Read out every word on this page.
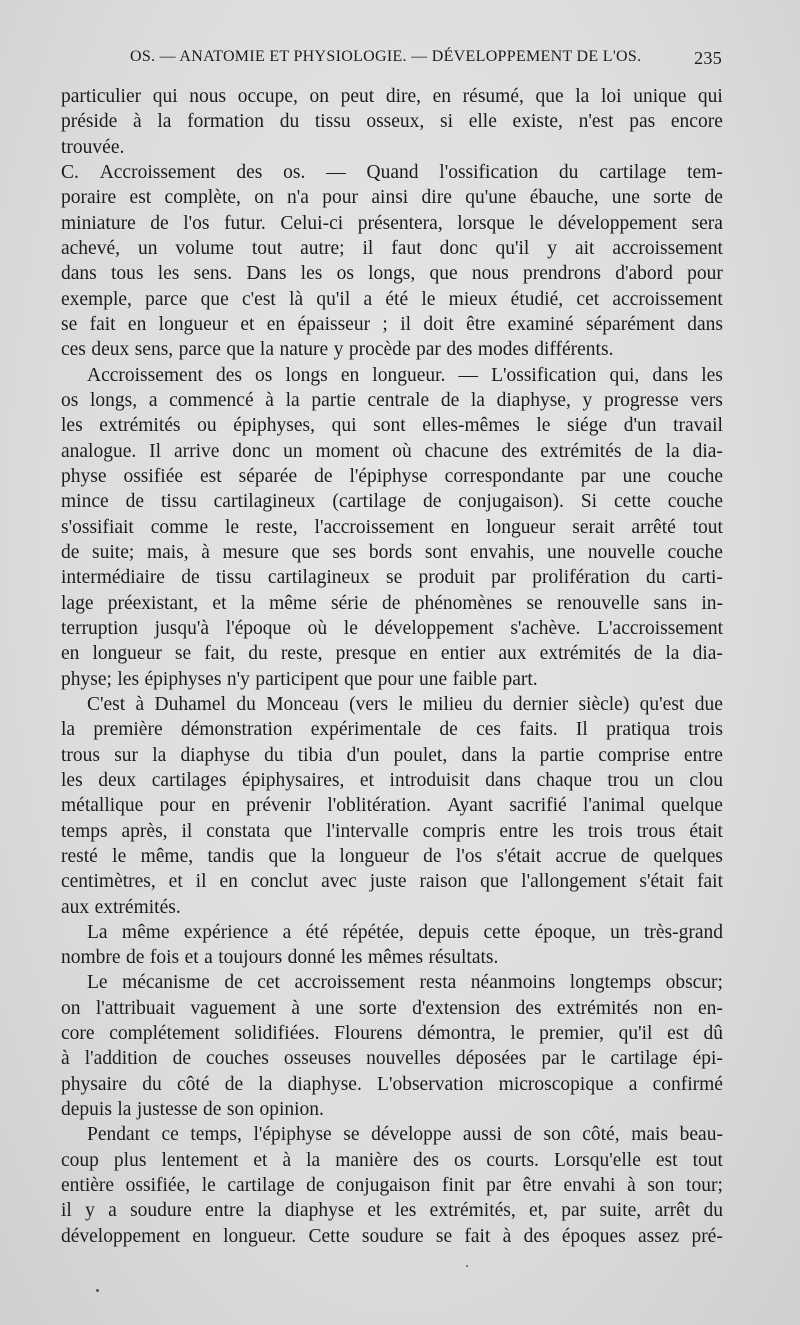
OS. — ANATOMIE ET PHYSIOLOGIE. — DÉVELOPPEMENT DE L'OS.	235
particulier qui nous occupe, on peut dire, en résumé, que la loi unique qui
préside à la formation du tissu osseux, si elle existe, n'est pas encore
trouvée.
C. Accroissement des os. — Quand l'ossification du cartilage tem-
poraire est complète, on n'a pour ainsi dire qu'une ébauche, une sorte de
miniature de l'os futur. Celui-ci présentera, lorsque le développement sera
achevé, un volume tout autre; il faut donc qu'il y ait accroissement
dans tous les sens. Dans les os longs, que nous prendrons d'abord pour
exemple, parce que c'est là qu'il a été le mieux étudié, cet accroissement
se fait en longueur et en épaisseur ; il doit être examiné séparément dans
ces deux sens, parce que la nature y procède par des modes différents.
Accroissement des os longs en longueur. — L'ossification qui, dans les
os longs, a commencé à la partie centrale de la diaphyse, y progresse vers
les extrémités ou épiphyses, qui sont elles-mêmes le siége d'un travail
analogue. Il arrive donc un moment où chacune des extrémités de la dia-
physe ossifiée est séparée de l'épiphyse correspondante par une couche
mince de tissu cartilagineux (cartilage de conjugaison). Si cette couche
s'ossifiait comme le reste, l'accroissement en longueur serait arrêté tout
de suite; mais, à mesure que ses bords sont envahis, une nouvelle couche
intermédiaire de tissu cartilagineux se produit par prolifération du carti-
lage préexistant, et la même série de phénomènes se renouvelle sans in-
terruption jusqu'à l'époque où le développement s'achève. L'accroissement
en longueur se fait, du reste, presque en entier aux extrémités de la dia-
physe; les épiphyses n'y participent que pour une faible part.
C'est à Duhamel du Monceau (vers le milieu du dernier siècle) qu'est due
la première démonstration expérimentale de ces faits. Il pratiqua trois
trous sur la diaphyse du tibia d'un poulet, dans la partie comprise entre
les deux cartilages épiphysaires, et introduisit dans chaque trou un clou
métallique pour en prévenir l'oblitération. Ayant sacrifié l'animal quelque
temps après, il constata que l'intervalle compris entre les trois trous était
resté le même, tandis que la longueur de l'os s'était accrue de quelques
centimètres, et il en conclut avec juste raison que l'allongement s'était fait
aux extrémités.
La même expérience a été répétée, depuis cette époque, un très-grand
nombre de fois et a toujours donné les mêmes résultats.
Le mécanisme de cet accroissement resta néanmoins longtemps obscur;
on l'attribuait vaguement à une sorte d'extension des extrémités non en-
core complétement solidifiées. Flourens démontra, le premier, qu'il est dû
à l'addition de couches osseuses nouvelles déposées par le cartilage épi-
physaire du côté de la diaphyse. L'observation microscopique a confirmé
depuis la justesse de son opinion.
Pendant ce temps, l'épiphyse se développe aussi de son côté, mais beau-
coup plus lentement et à la manière des os courts. Lorsqu'elle est tout
entière ossifiée, le cartilage de conjugaison finit par être envahi à son tour;
il y a soudure entre la diaphyse et les extrémités, et, par suite, arrêt du
développement en longueur. Cette soudure se fait à des époques assez pré-
